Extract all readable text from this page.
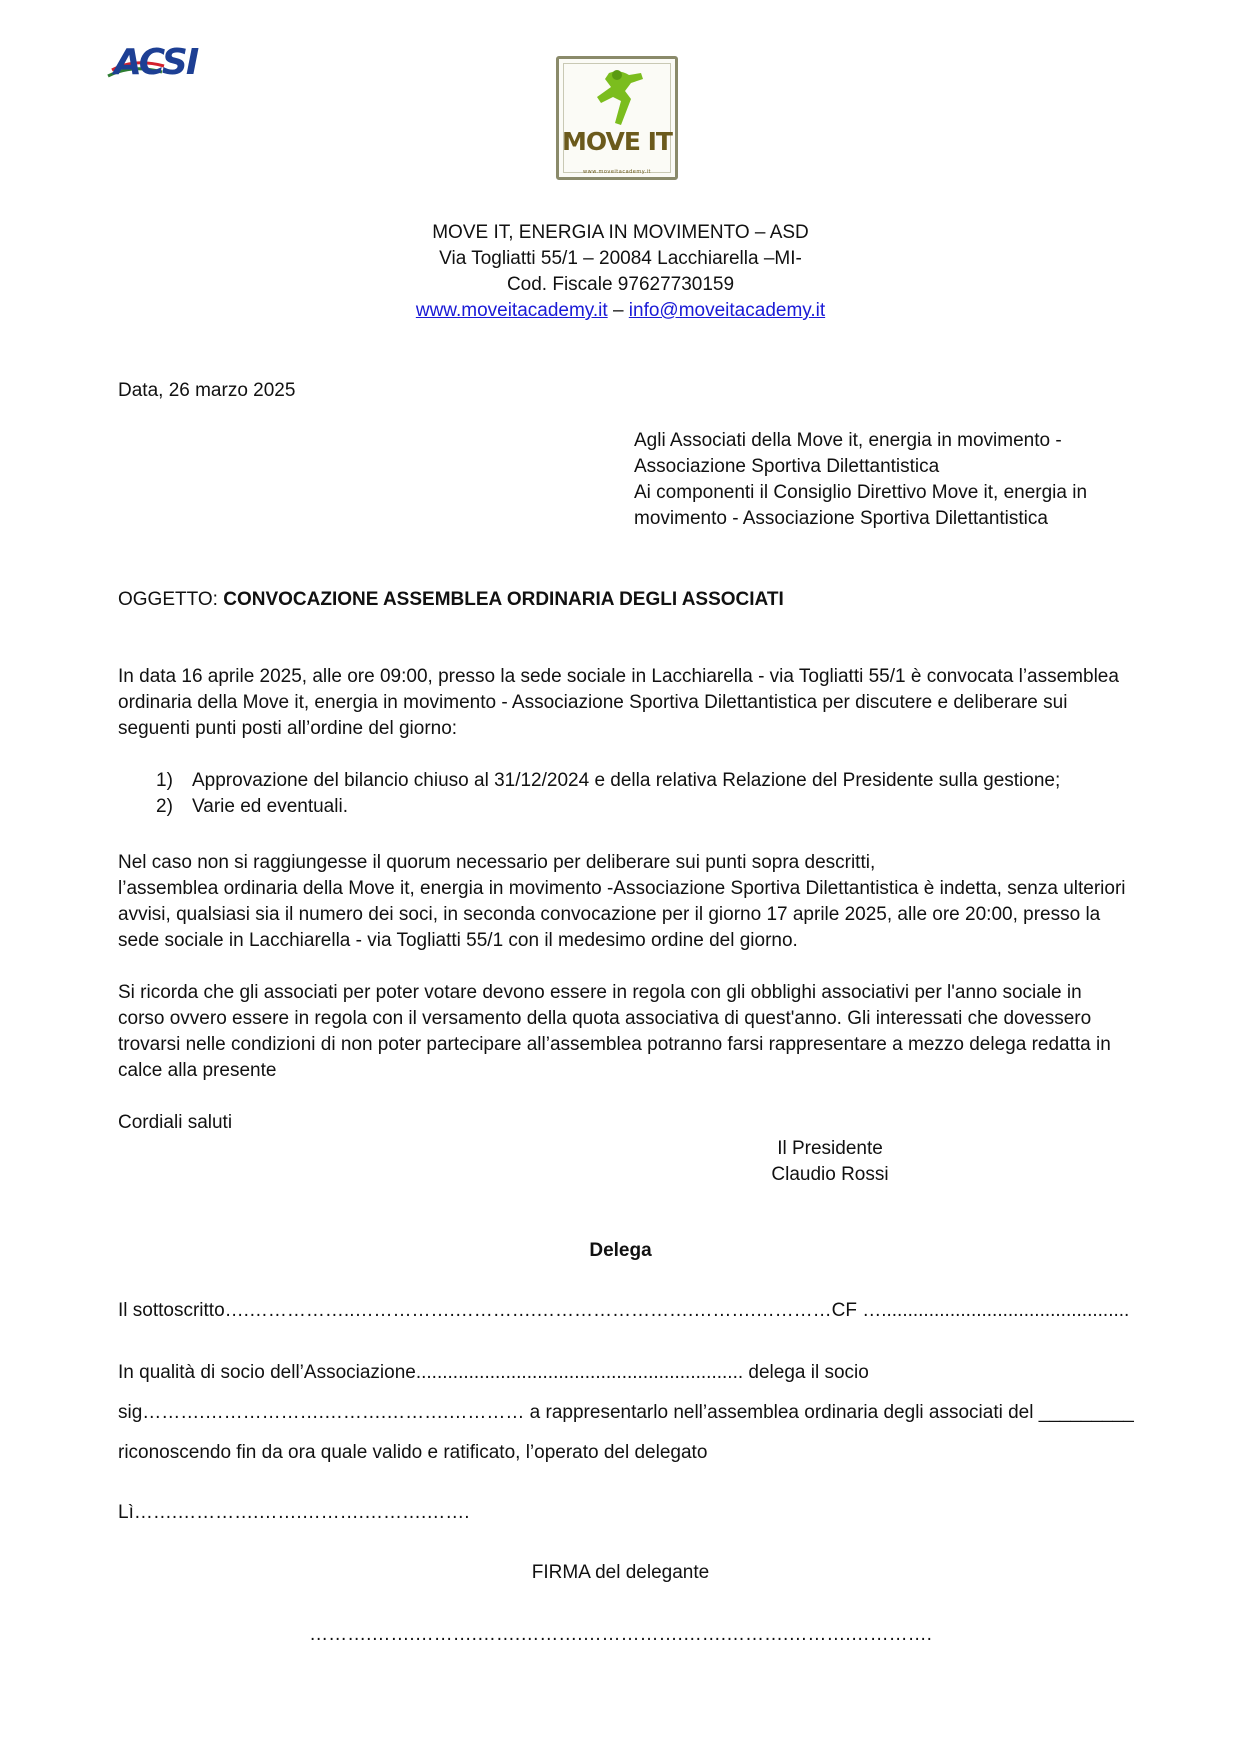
ACSI
MOVE IT
www.moveitacademy.it
MOVE IT, ENERGIA IN MOVIMENTO – ASD
Via Togliatti 55/1 – 20084 Lacchiarella –MI-
Cod. Fiscale 97627730159
www.moveitacademy.it – info@moveitacademy.it
Data, 26 marzo 2025
Agli Associati della Move it, energia in movimento -
Associazione Sportiva Dilettantistica
Ai componenti il Consiglio Direttivo Move it, energia in
movimento - Associazione Sportiva Dilettantistica
OGGETTO: CONVOCAZIONE ASSEMBLEA ORDINARIA DEGLI ASSOCIATI
In data 16 aprile 2025, alle ore 09:00, presso la sede sociale in Lacchiarella - via Togliatti 55/1 è convocata l’assemblea
ordinaria della Move it, energia in movimento - Associazione Sportiva Dilettantistica per discutere e deliberare sui
seguenti punti posti all’ordine del giorno:
1) Approvazione del bilancio chiuso al 31/12/2024 e della relativa Relazione del Presidente sulla gestione;
2) Varie ed eventuali.
Nel caso non si raggiungesse il quorum necessario per deliberare sui punti sopra descritti,
l’assemblea ordinaria della Move it, energia in movimento -Associazione Sportiva Dilettantistica è indetta, senza ulteriori
avvisi, qualsiasi sia il numero dei soci, in seconda convocazione per il giorno 17 aprile 2025, alle ore 20:00, presso la
sede sociale in Lacchiarella - via Togliatti 55/1 con il medesimo ordine del giorno.
Si ricorda che gli associati per poter votare devono essere in regola con gli obblighi associativi per l'anno sociale in
corso ovvero essere in regola con il versamento della quota associativa di quest'anno. Gli interessati che dovessero
trovarsi nelle condizioni di non poter partecipare all’assemblea potranno farsi rappresentare a mezzo delega redatta in
calce alla presente
Cordiali saluti
Il Presidente
Claudio Rossi
Delega
Il sottoscritto….……………..…………….………….…………………….……….…………CF …...............................................
In qualità di socio dell’Associazione.............................................................. delega il socio
sig……….……………….……….……….………… a rappresentarlo nell’assemblea ordinaria degli associati del _________
riconoscendo fin da ora quale valido e ratificato, l’operato del delegato
Lì…….………….…….……….……….…….
FIRMA del delegante
……….…….……….…….……….…………….…….……….……….………….
